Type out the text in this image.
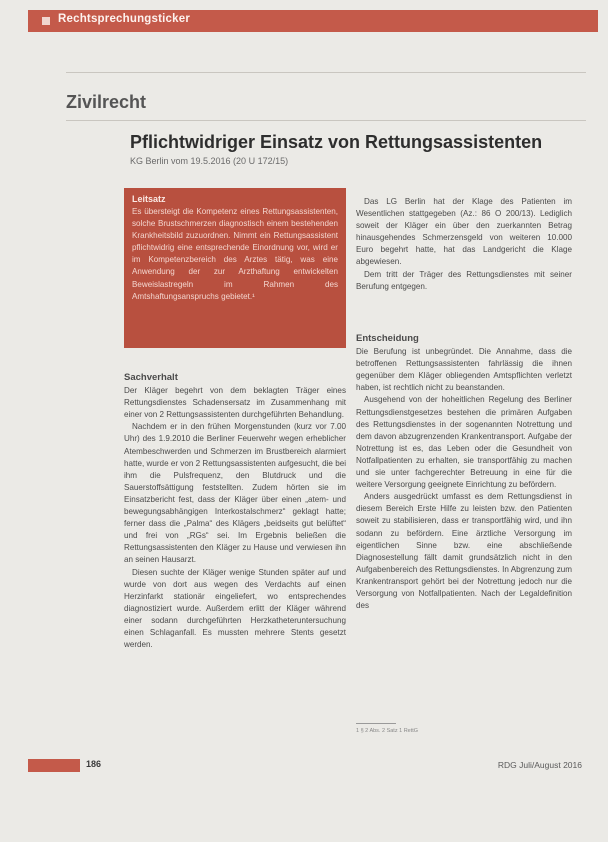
Rechtsprechungsticker
Zivilrecht
Pflichtwidriger Einsatz von Rettungsassistenten
KG Berlin vom 19.5.2016 (20 U 172/15)
Leitsatz

Es übersteigt die Kompetenz eines Rettungsassistenten, solche Brustschmerzen diagnostisch einem bestehenden Krankheitsbild zuzuordnen. Nimmt ein Rettungsassistent pflichtwidrig eine entsprechende Einordnung vor, wird er im Kompetenzbereich des Arztes tätig, was eine Anwendung der zur Arzthaftung entwickelten Beweislastregeln im Rahmen des Amtshaftungsanspruchs gebietet.¹

Sachverhalt

Der Kläger begehrt von dem beklagten Träger eines Rettungsdienstes Schadensersatz im Zusammenhang mit einer von 2 Rettungsassistenten durchgeführten Behandlung.

Nachdem er in den frühen Morgenstunden (kurz vor 7.00 Uhr) des 1.9.2010 die Berliner Feuerwehr wegen erheblicher Atembeschwerden und Schmerzen im Brustbereich alarmiert hatte, wurde er von 2 Rettungsassistenten aufgesucht, die bei ihm die Pulsfrequenz, den Blutdruck und die Sauerstoffsättigung feststellten. Zudem hörten sie im Einsatzbericht fest, dass der Kläger über einen „atem- und bewegungsabhängigen Interkostalschmerz“ geklagt hatte; ferner dass die „Palma“ des Klägers „beidseits gut belüftet“ und frei von „RGs“ sei. Im Ergebnis beließen die Rettungsassistenten den Kläger zu Hause und verwiesen ihn an seinen Hausarzt.

Diesen suchte der Kläger wenige Stunden später auf und wurde von dort aus wegen des Verdachts auf einen Herzinfarkt stationär eingeliefert, wo entsprechendes diagnostiziert wurde. Außerdem erlitt der Kläger während einer sodann durchgeführten Herzkatheteruntersuchung einen Schlaganfall. Es mussten mehrere Stents gesetzt werden.

Das LG Berlin hat der Klage des Patienten im Wesentlichen stattgegeben (Az.: 86 O 200/13). Lediglich soweit der Kläger ein über den zuerkannten Betrag hinausgehendes Schmerzensgeld von weiteren 10.000 Euro begehrt hatte, hat das Landgericht die Klage abgewiesen.

Dem tritt der Träger des Rettungsdienstes mit seiner Berufung entgegen.

Entscheidung

Die Berufung ist unbegründet. Die Annahme, dass die betroffenen Rettungsassistenten fahrlässig die ihnen gegenüber dem Kläger obliegenden Amtspflichten verletzt haben, ist rechtlich nicht zu beanstanden.

Ausgehend von der hoheitlichen Regelung des Berliner Rettungsdienstgesetzes bestehen die primären Aufgaben des Rettungsdienstes in der sogenannten Notrettung und dem davon abzugrenzenden Krankentransport. Aufgabe der Notrettung ist es, das Leben oder die Gesundheit von Notfallpatienten zu erhalten, sie transportfähig zu machen und sie unter fachgerechter Betreuung in eine für die weitere Versorgung geeignete Einrichtung zu befördern.

Anders ausgedrückt umfasst es dem Rettungsdienst in diesem Bereich Erste Hilfe zu leisten bzw. den Patienten soweit zu stabilisieren, dass er transportfähig wird, und ihn sodann zu befördern. Eine ärztliche Versorgung im eigentlichen Sinne bzw. eine abschließende Diagnosestellung fällt damit grundsätzlich nicht in den Aufgabenbereich des Rettungsdienstes. In Abgrenzung zum Krankentransport gehört bei der Notrettung jedoch nur die Versorgung von Notfallpatienten. Nach der Legaldefinition des

1 § 2 Abs. 2 Satz 1 RettG
186	RDG Juli/August 2016
